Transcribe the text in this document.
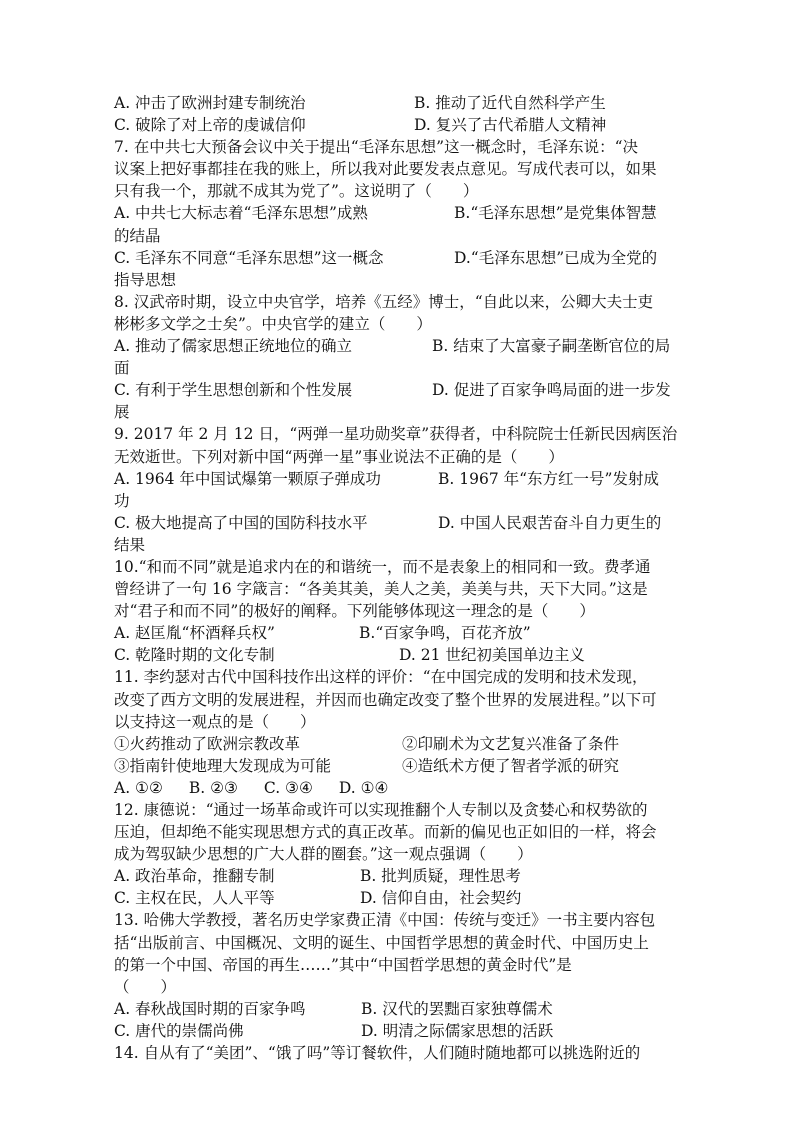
A. 冲击了欧洲封建专制统治	B. 推动了近代自然科学产生
C. 破除了对上帝的虔诚信仰	D. 复兴了古代希腊人文精神
7. 在中共七大预备会议中关于提出“毛泽东思想”这一概念时，毛泽东说：“决
议案上把好事都挂在我的账上，所以我对此要发表点意见。写成代表可以，如果
只有我一个，那就不成其为党了”。这说明了（　　）
A. 中共七大标志着“毛泽东思想”成熟	B.“毛泽东思想”是党集体智慧
的结晶
C. 毛泽东不同意“毛泽东思想”这一概念	D.“毛泽东思想”已成为全党的
指导思想
8. 汉武帝时期，设立中央官学，培养《五经》博士，“自此以来，公卿大夫士吏
彬彬多文学之士矣”。中央官学的建立（　　）
A. 推动了儒家思想正统地位的确立	B. 结束了大富豪子嗣垄断官位的局
面
C. 有利于学生思想创新和个性发展	D. 促进了百家争鸣局面的进一步发
展
9. 2017 年 2 月 12 日，“两弹一星功勋奖章”获得者，中科院院士任新民因病医治
无效逝世。下列对新中国“两弹一星”事业说法不正确的是（　　）
A. 1964 年中国试爆第一颗原子弹成功	B. 1967 年“东方红一号”发射成
功
C. 极大地提高了中国的国防科技水平	D. 中国人民艰苦奋斗自力更生的
结果
10.“和而不同”就是追求内在的和谐统一，而不是表象上的相同和一致。费孝通
曾经讲了一句 16 字箴言：“各美其美，美人之美，美美与共，天下大同。”这是
对“君子和而不同”的极好的阐释。下列能够体现这一理念的是（　　）
A. 赵匡胤“杯酒释兵权”	B.“百家争鸣，百花齐放”
C. 乾隆时期的文化专制	D. 21 世纪初美国单边主义
11. 李约瑟对古代中国科技作出这样的评价：“在中国完成的发明和技术发现，
改变了西方文明的发展进程，并因而也确定改变了整个世界的发展进程。”以下可
以支持这一观点的是（　　）
①火药推动了欧洲宗教改革	②印刷术为文艺复兴准备了条件
③指南针使地理大发现成为可能	④造纸术方便了智者学派的研究
A. ①② B. ②③ C. ③④ D. ①④
12. 康德说：“通过一场革命或许可以实现推翻个人专制以及贪婪心和权势欲的
压迫，但却绝不能实现思想方式的真正改革。而新的偏见也正如旧的一样，将会
成为驾驭缺少思想的广大人群的圈套。”这一观点强调（　　）
A. 政治革命，推翻专制	B. 批判质疑，理性思考
C. 主权在民，人人平等	D. 信仰自由，社会契约
13. 哈佛大学教授，著名历史学家费正清《中国：传统与变迁》一书主要内容包
括“出版前言、中国概况、文明的诞生、中国哲学思想的黄金时代、中国历史上
的第一个中国、帝国的再生……”其中“中国哲学思想的黄金时代”是
（　　）
A. 春秋战国时期的百家争鸣	B. 汉代的罢黜百家独尊儒术
C. 唐代的崇儒尚佛	D. 明清之际儒家思想的活跃
14. 自从有了“美团”、“饿了吗”等订餐软件，人们随时随地都可以挑选附近的
